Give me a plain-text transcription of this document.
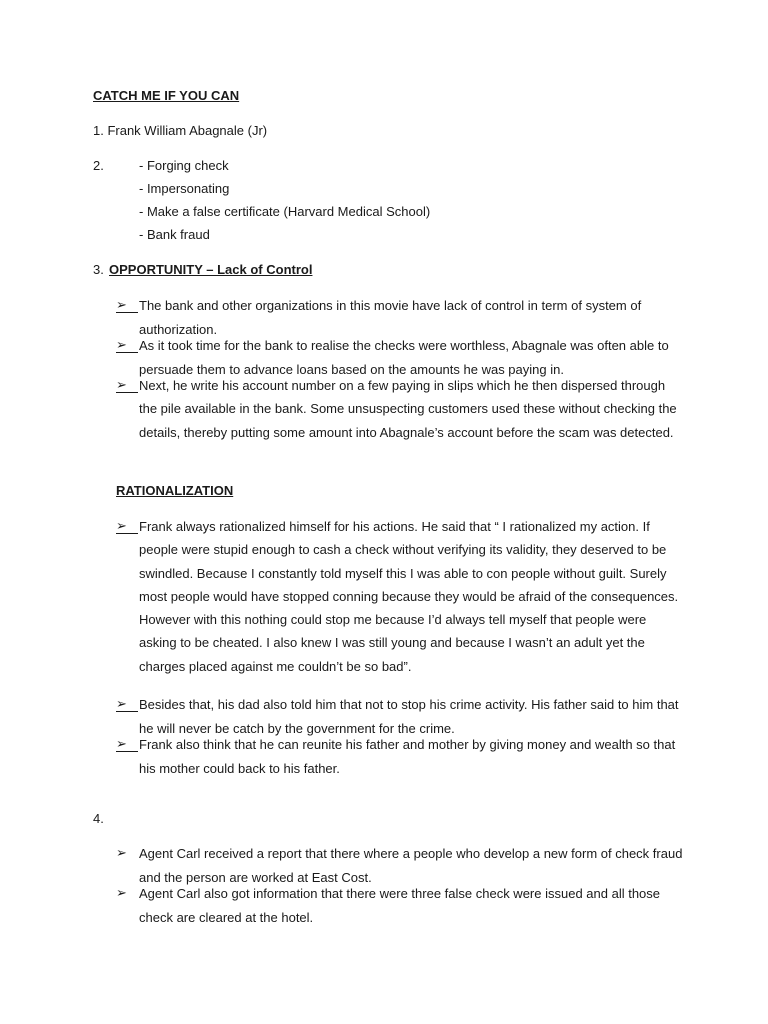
CATCH ME IF YOU CAN
1. Frank William Abagnale (Jr)
2.	- Forging check
- Impersonating
- Make a false certificate (Harvard Medical School)
- Bank fraud
3. OPPORTUNITY – Lack of Control
➢ The bank and other organizations in this movie have lack of control in term of system of authorization.
➢ As it took time for the bank to realise the checks were worthless, Abagnale was often able to persuade them to advance loans based on the amounts he was paying in.
➢ Next, he write his account number on a few paying in slips which he then dispersed through the pile available in the bank. Some unsuspecting customers used these without checking the details, thereby putting some amount into Abagnale’s account before the scam was detected.
RATIONALIZATION
➢ Frank always rationalized himself for his actions. He said that “ I rationalized my action. If people were stupid enough to cash a check without verifying its validity, they deserved to be swindled. Because I constantly told myself this I was able to con people without guilt. Surely most people would have stopped conning because they would be afraid of the consequences. However with this nothing could stop me because I’d always tell myself that people were asking to be cheated. I also knew I was still young and because I wasn’t an adult yet the charges placed against me couldn’t be so bad”.
➢ Besides that, his dad also told him that not to stop his crime activity. His father said to him that he will never be catch by the government for the crime.
➢ Frank also think that he can reunite his father and mother by giving money and wealth so that his mother could back to his father.
4.
➢ Agent Carl received a report that there where a people who develop a new form of check fraud and the person are worked at East Cost.
➢ Agent Carl also got information that there were three false check were issued and all those check are cleared at the hotel.
